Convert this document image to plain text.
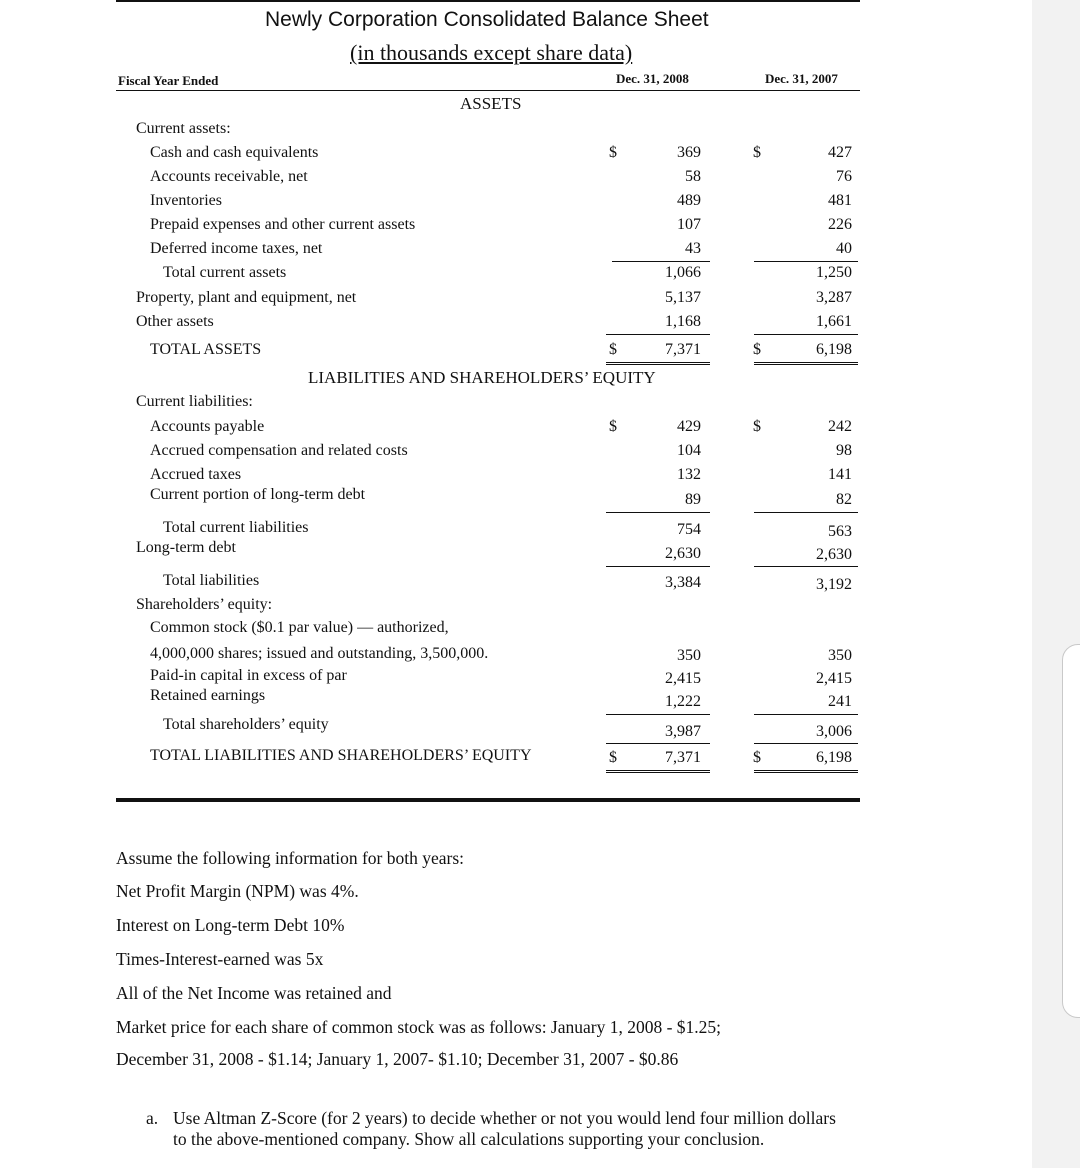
Newly Corporation Consolidated Balance Sheet
(in thousands except share data)
Fiscal Year Ended	Dec. 31, 2008	Dec. 31, 2007
ASSETS
Current assets:
Cash and cash equivalents	$	369	$	427
Accounts receivable, net	58	76
Inventories	489	481
Prepaid expenses and other current assets	107	226
Deferred income taxes, net	43	40
Total current assets	1,066	1,250
Property, plant and equipment, net	5,137	3,287
Other assets	1,168	1,661
TOTAL ASSETS	$	7,371	$	6,198
LIABILITIES AND SHAREHOLDERS’ EQUITY
Current liabilities:
Accounts payable	$	429	$	242
Accrued compensation and related costs	104	98
Accrued taxes	132	141
Current portion of long-term debt	89	82
Total current liabilities	754	563
Long-term debt	2,630	2,630
Total liabilities	3,384	3,192
Shareholders’ equity:
Common stock ($0.1 par value) — authorized,
4,000,000 shares; issued and outstanding, 3,500,000.	350	350
Paid-in capital in excess of par	2,415	2,415
Retained earnings	1,222	241
Total shareholders’ equity	3,987	3,006
TOTAL LIABILITIES AND SHAREHOLDERS’ EQUITY	$	7,371	$	6,198
Assume the following information for both years:
Net Profit Margin (NPM) was 4%.
Interest on Long-term Debt 10%
Times-Interest-earned was 5x
All of the Net Income was retained and
Market price for each share of common stock was as follows: January 1, 2008 - $1.25;
December 31, 2008 - $1.14; January 1, 2007- $1.10; December 31, 2007 - $0.86
a. Use Altman Z-Score (for 2 years) to decide whether or not you would lend four million dollars
to the above-mentioned company. Show all calculations supporting your conclusion.
